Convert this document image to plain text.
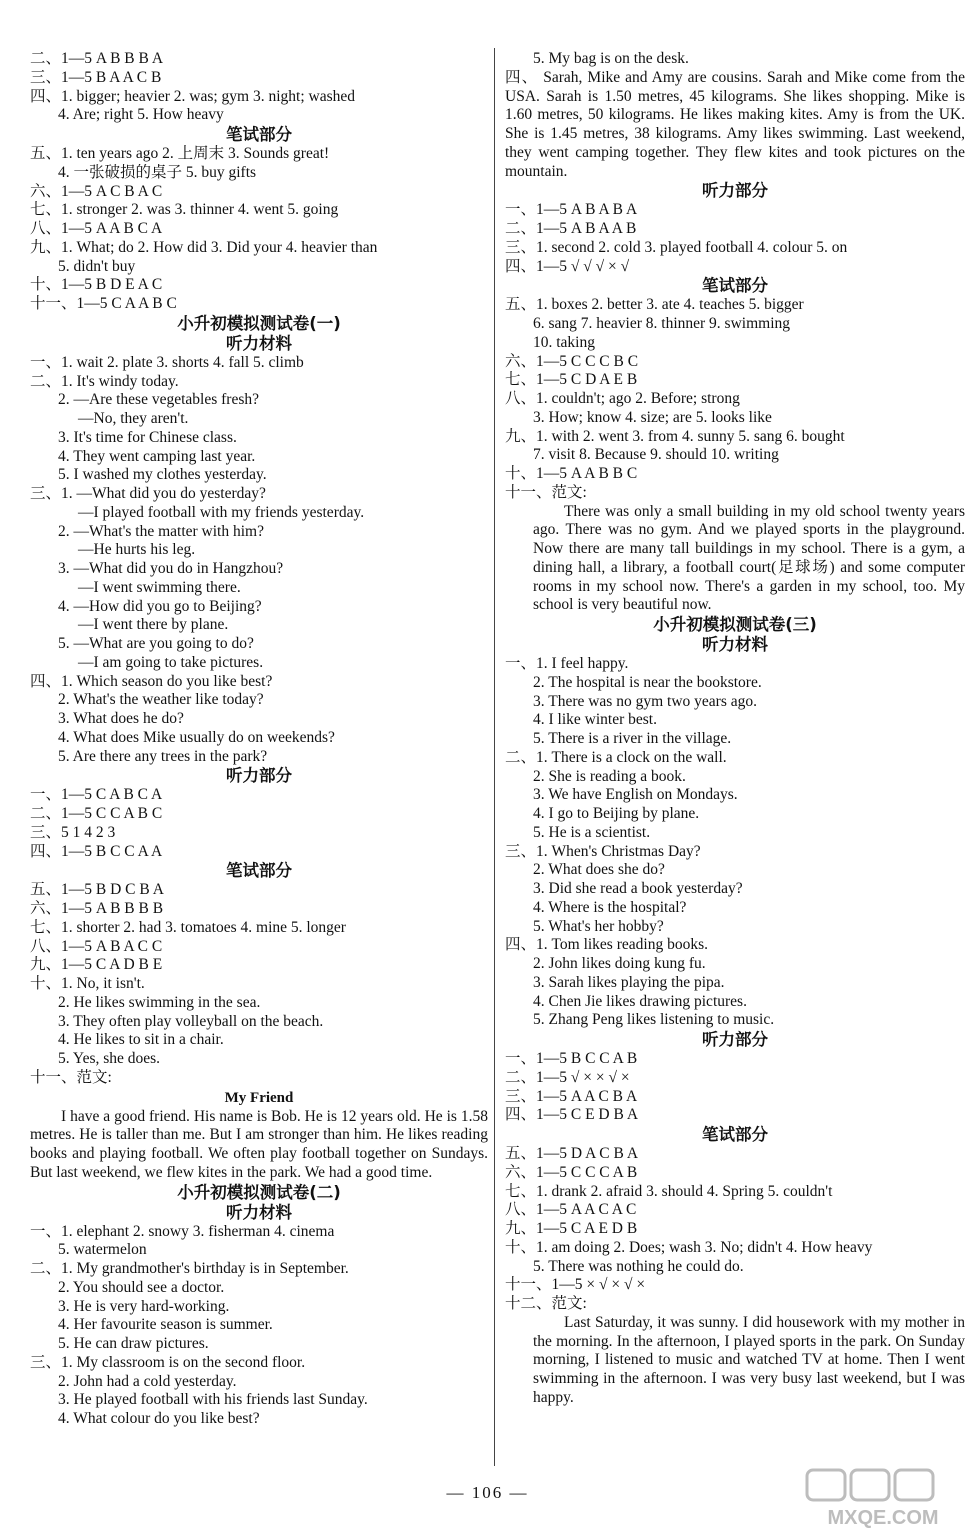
二、1—5 A B B B A
三、1—5 B A A C B
四、1. bigger; heavier 2. was; gym 3. night; washed
4. Are; right 5. How heavy
笔试部分
五、1. ten years ago 2. 上周末 3. Sounds great!
4. 一张破损的桌子 5. buy gifts
六、1—5 A C B A C
七、1. stronger 2. was 3. thinner 4. went 5. going
八、1—5 A A B C A
九、1. What; do 2. How did 3. Did your 4. heavier than
5. didn't buy
十、1—5 B D E A C
十一、1—5 C A A B C
小升初模拟测试卷(一)
听力材料
一、1. wait 2. plate 3. shorts 4. fall 5. climb
二、1. It's windy today.
2. —Are these vegetables fresh?
—No, they aren't.
3. It's time for Chinese class.
4. They went camping last year.
5. I washed my clothes yesterday.
三、1. —What did you do yesterday?
—I played football with my friends yesterday.
2. —What's the matter with him?
—He hurts his leg.
3. —What did you do in Hangzhou?
—I went swimming there.
4. —How did you go to Beijing?
—I went there by plane.
5. —What are you going to do?
—I am going to take pictures.
四、1. Which season do you like best?
2. What's the weather like today?
3. What does he do?
4. What does Mike usually do on weekends?
5. Are there any trees in the park?
听力部分
一、1—5 C A B C A
二、1—5 C C A B C
三、5 1 4 2 3
四、1—5 B C C A A
笔试部分
五、1—5 B D C B A
六、1—5 A B B B B
七、1. shorter 2. had 3. tomatoes 4. mine 5. longer
八、1—5 A B A C C
九、1—5 C A D B E
十、1. No, it isn't.
2. He likes swimming in the sea.
3. They often play volleyball on the beach.
4. He likes to sit in a chair.
5. Yes, she does.
十一、范文:
My Friend
I have a good friend. His name is Bob. He is 12 years old. He is 1.58 metres. He is taller than me. But I am stronger than him. He likes reading books and playing football. We often play football together on Sundays. But last weekend, we flew kites in the park. We had a good time.
小升初模拟测试卷(二)
听力材料
一、1. elephant 2. snowy 3. fisherman 4. cinema
5. watermelon
二、1. My grandmother's birthday is in September.
2. You should see a doctor.
3. He is very hard-working.
4. Her favourite season is summer.
5. He can draw pictures.
三、1. My classroom is on the second floor.
2. John had a cold yesterday.
3. He played football with his friends last Sunday.
4. What colour do you like best?
5. My bag is on the desk.
四、 Sarah, Mike and Amy are cousins. Sarah and Mike come from the USA. Sarah is 1.50 metres, 45 kilograms. She likes shopping. Mike is 1.60 metres, 50 kilograms. He likes making kites. Amy is from the UK. She is 1.45 metres, 38 kilograms. Amy likes swimming. Last weekend, they went camping together. They flew kites and took pictures on the mountain.
听力部分
一、1—5 A B A B A
二、1—5 A B A A B
三、1. second 2. cold 3. played football 4. colour 5. on
四、1—5 √ √ √ × √
笔试部分
五、1. boxes 2. better 3. ate 4. teaches 5. bigger
6. sang 7. heavier 8. thinner 9. swimming
10. taking
六、1—5 C C C B C
七、1—5 C D A E B
八、1. couldn't; ago 2. Before; strong
3. How; know 4. size; are 5. looks like
九、1. with 2. went 3. from 4. sunny 5. sang 6. bought
7. visit 8. Because 9. should 10. writing
十、1—5 A A B B C
十一、范文:
There was only a small building in my old school twenty years ago. There was no gym. And we played sports in the playground. Now there are many tall buildings in my school. There is a gym, a dining hall, a library, a football court(足球场) and some computer rooms in my school now. There's a garden in my school, too. My school is very beautiful now.
小升初模拟测试卷(三)
听力材料
一、1. I feel happy.
2. The hospital is near the bookstore.
3. There was no gym two years ago.
4. I like winter best.
5. There is a river in the village.
二、1. There is a clock on the wall.
2. She is reading a book.
3. We have English on Mondays.
4. I go to Beijing by plane.
5. He is a scientist.
三、1. When's Christmas Day?
2. What does she do?
3. Did she read a book yesterday?
4. Where is the hospital?
5. What's her hobby?
四、1. Tom likes reading books.
2. John likes doing kung fu.
3. Sarah likes playing the pipa.
4. Chen Jie likes drawing pictures.
5. Zhang Peng likes listening to music.
听力部分
一、1—5 B C C A B
二、1—5 √ × × √ ×
三、1—5 A A C B A
四、1—5 C E D B A
笔试部分
五、1—5 D A C B A
六、1—5 C C C A B
七、1. drank 2. afraid 3. should 4. Spring 5. couldn't
八、1—5 A A C A C
九、1—5 C A E D B
十、1. am doing 2. Does; wash 3. No; didn't 4. How heavy
5. There was nothing he could do.
十一、1—5 × √ × √ ×
十二、范文:
Last Saturday, it was sunny. I did housework with my mother in the morning. In the afternoon, I played sports in the park. On Sunday morning, I listened to music and watched TV at home. Then I went swimming in the afternoon. I was very busy last weekend, but I was happy.
— 106 —
MXQE.COM
